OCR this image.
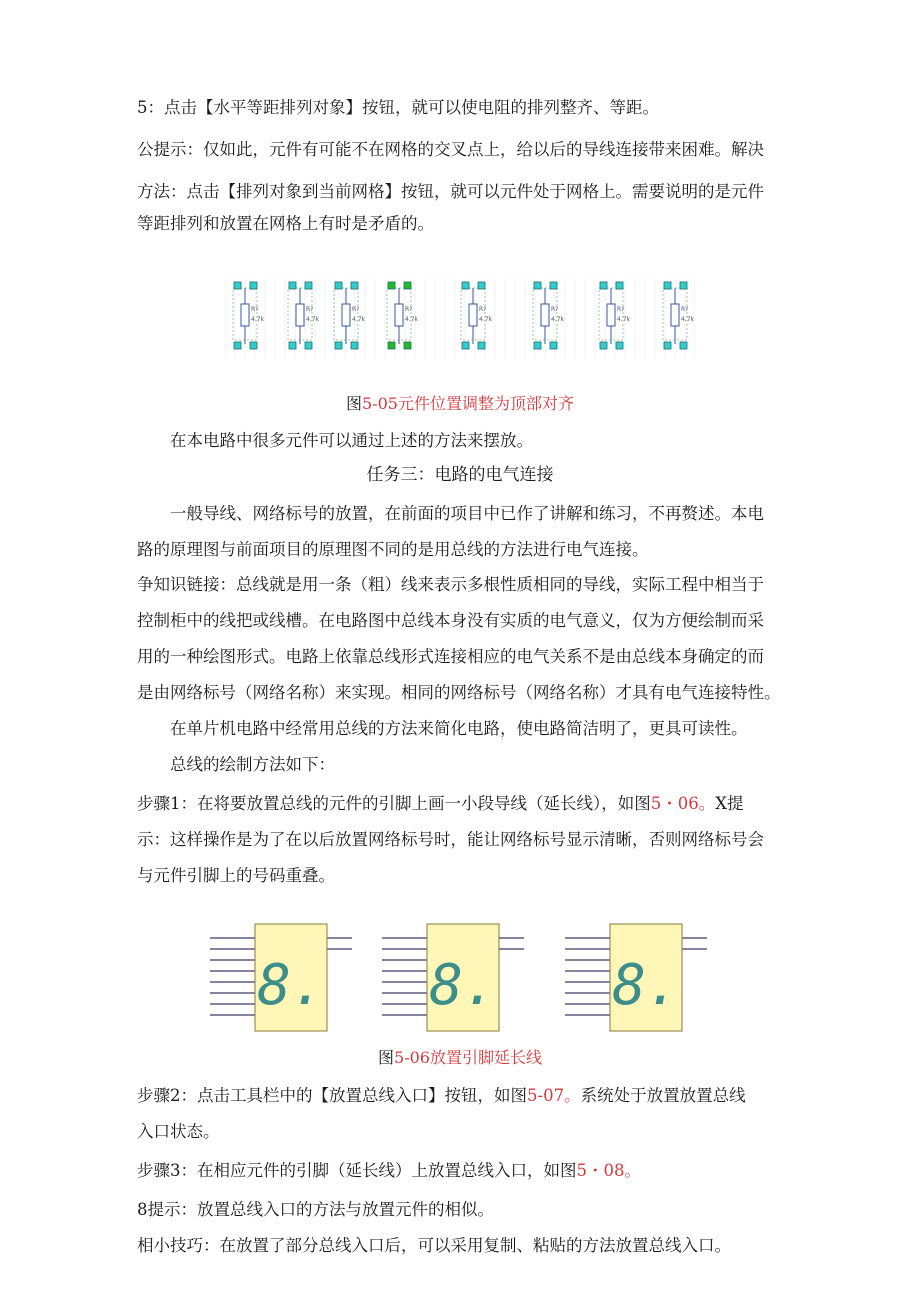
5：点击【水平等距排列对象】按钮，就可以使电阻的排列整齐、等距。
公提示：仅如此，元件有可能不在网格的交叉点上，给以后的导线连接带来困难。解决
方法：点击【排列对象到当前网格】按钮，就可以元件处于网格上。需要说明的是元件
等距排列和放置在网格上有时是矛盾的。
R?
4.7k
R?
4.7k
R?
4.7k
R?
4.7k
R?
4.7k
R?
4.7k
R?
4.7k
R?
4.7k
图5-05元件位置调整为顶部对齐
在本电路中很多元件可以通过上述的方法来摆放。
任务三：电路的电气连接
一般导线、网络标号的放置，在前面的项目中已作了讲解和练习，不再赘述。本电
路的原理图与前面项目的原理图不同的是用总线的方法进行电气连接。
争知识链接：总线就是用一条（粗）线来表示多根性质相同的导线，实际工程中相当于
控制柜中的线把或线槽。在电路图中总线本身没有实质的电气意义，仅为方便绘制而采
用的一种绘图形式。电路上依靠总线形式连接相应的电气关系不是由总线本身确定的而
是由网络标号（网络名称）来实现。相同的网络标号（网络名称）才具有电气连接特性。
在单片机电路中经常用总线的方法来简化电路，使电路简洁明了，更具可读性。
总线的绘制方法如下：
步骤1：在将要放置总线的元件的引脚上画一小段导线（延长线），如图5・06。X提
示：这样操作是为了在以后放置网络标号时，能让网络标号显示清晰，否则网络标号会
与元件引脚上的号码重叠。
8. 8. 8.
图5-06放置引脚延长线
步骤2：点击工具栏中的【放置总线入口】按钮，如图5-07。系统处于放置放置总线
入口状态。
步骤3：在相应元件的引脚（延长线）上放置总线入口，如图5・08。
8提示：放置总线入口的方法与放置元件的相似。
相小技巧：在放置了部分总线入口后，可以采用复制、粘贴的方法放置总线入口。
